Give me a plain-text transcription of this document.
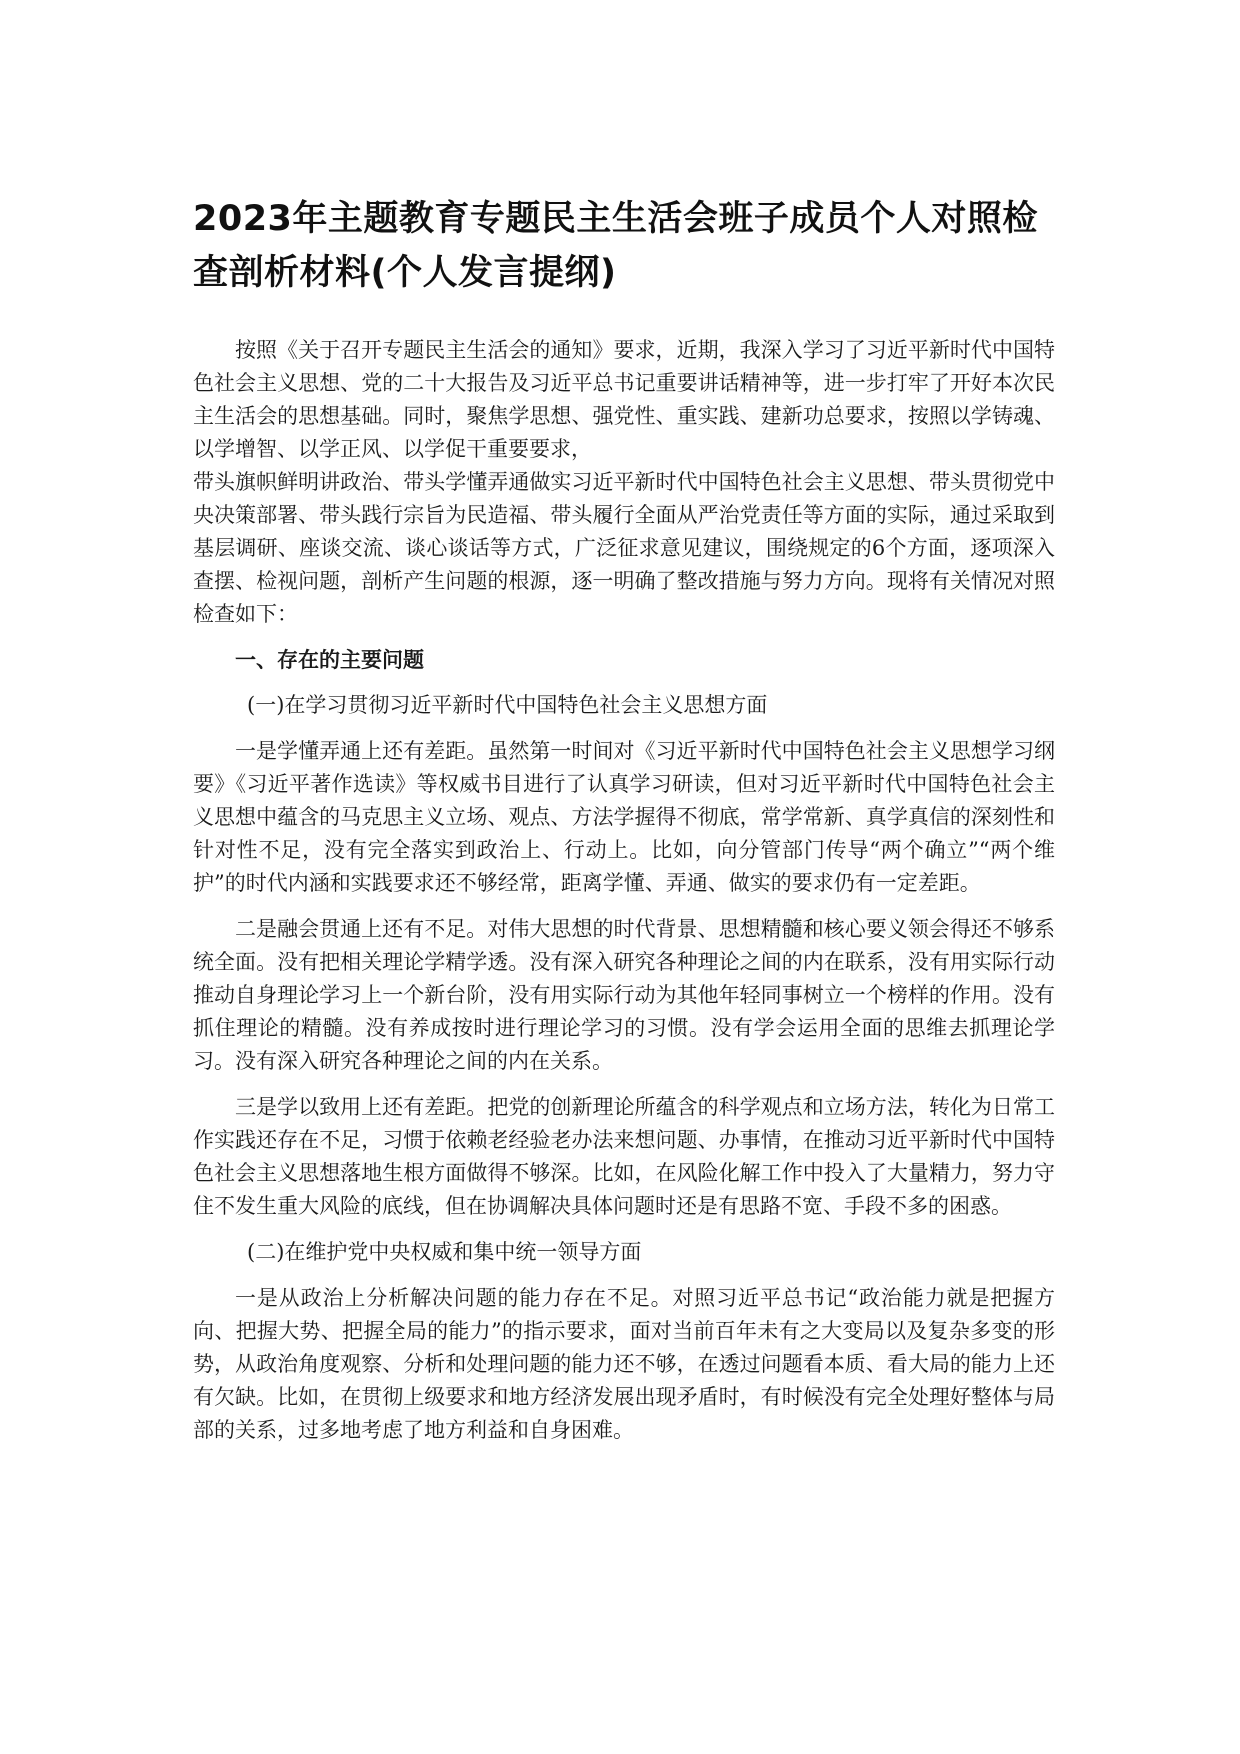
2023年主题教育专题民主生活会班子成员个人对照检查剖析材料(个人发言提纲)

按照《关于召开专题民主生活会的通知》要求，近期，我深入学习了习近平新时代中国特色社会主义思想、党的二十大报告及习近平总书记重要讲话精神等，进一步打牢了开好本次民主生活会的思想基础。同时，聚焦学思想、强党性、重实践、建新功总要求，按照以学铸魂、以学增智、以学正风、以学促干重要要求，

带头旗帜鲜明讲政治、带头学懂弄通做实习近平新时代中国特色社会主义思想、带头贯彻党中央决策部署、带头践行宗旨为民造福、带头履行全面从严治党责任等方面的实际，通过采取到基层调研、座谈交流、谈心谈话等方式，广泛征求意见建议，围绕规定的6个方面，逐项深入查摆、检视问题，剖析产生问题的根源，逐一明确了整改措施与努力方向。现将有关情况对照检查如下：

一、存在的主要问题
(一)在学习贯彻习近平新时代中国特色社会主义思想方面

一是学懂弄通上还有差距。虽然第一时间对《习近平新时代中国特色社会主义思想学习纲要》《习近平著作选读》等权威书目进行了认真学习研读，但对习近平新时代中国特色社会主义思想中蕴含的马克思主义立场、观点、方法学握得不彻底，常学常新、真学真信的深刻性和针对性不足，没有完全落实到政治上、行动上。比如，向分管部门传导“两个确立”“两个维护”的时代内涵和实践要求还不够经常，距离学懂、弄通、做实的要求仍有一定差距。

二是融会贯通上还有不足。对伟大思想的时代背景、思想精髓和核心要义领会得还不够系统全面。没有把相关理论学精学透。没有深入研究各种理论之间的内在联系，没有用实际行动推动自身理论学习上一个新台阶，没有用实际行动为其他年轻同事树立一个榜样的作用。没有抓住理论的精髓。没有养成按时进行理论学习的习惯。没有学会运用全面的思维去抓理论学习。没有深入研究各种理论之间的内在关系。

三是学以致用上还有差距。把党的创新理论所蕴含的科学观点和立场方法，转化为日常工作实践还存在不足，习惯于依赖老经验老办法来想问题、办事情，在推动习近平新时代中国特色社会主义思想落地生根方面做得不够深。比如，在风险化解工作中投入了大量精力，努力守住不发生重大风险的底线，但在协调解决具体问题时还是有思路不宽、手段不多的困惑。

(二)在维护党中央权威和集中统一领导方面

一是从政治上分析解决问题的能力存在不足。对照习近平总书记“政治能力就是把握方向、把握大势、把握全局的能力”的指示要求，面对当前百年未有之大变局以及复杂多变的形势，从政治角度观察、分析和处理问题的能力还不够，在透过问题看本质、看大局的能力上还有欠缺。比如，在贯彻上级要求和地方经济发展出现矛盾时，有时候没有完全处理好整体与局部的关系，过多地考虑了地方利益和自身困难。
